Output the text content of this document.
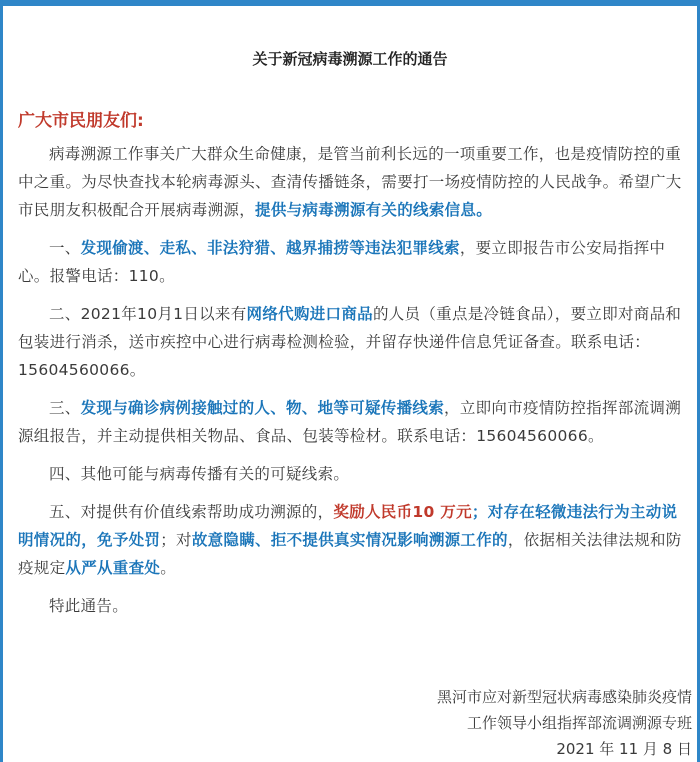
关于新冠病毒溯源工作的通告
广大市民朋友们:

病毒溯源工作事关广大群众生命健康，是管当前利长远的一项重要工作，也是疫情防控的重中之重。为尽快查找本轮病毒源头、查清传播链条，需要打一场疫情防控的人民战争。希望广大市民朋友积极配合开展病毒溯源，提供与病毒溯源有关的线索信息。

一、发现偷渡、走私、非法狩猎、越界捕捞等违法犯罪线索，要立即报告市公安局指挥中心。报警电话：110。

二、2021年10月1日以来有网络代购进口商品的人员（重点是冷链食品），要立即对商品和包装进行消杀，送市疾控中心进行病毒检测检验，并留存快递件信息凭证备查。联系电话：15604560066。

三、发现与确诊病例接触过的人、物、地等可疑传播线索，立即向市疫情防控指挥部流调溯源组报告，并主动提供相关物品、食品、包装等检材。联系电话：15604560066。

四、其他可能与病毒传播有关的可疑线索。

五、对提供有价值线索帮助成功溯源的，奖励人民币10 万元；对存在轻微违法行为主动说明情况的，免予处罚；对故意隐瞒、拒不提供真实情况影响溯源工作的，依据相关法律法规和防疫规定从严从重查处。

特此通告。

黑河市应对新型冠状病毒感染肺炎疫情
工作领导小组指挥部流调溯源专班
2021 年 11 月 8 日
